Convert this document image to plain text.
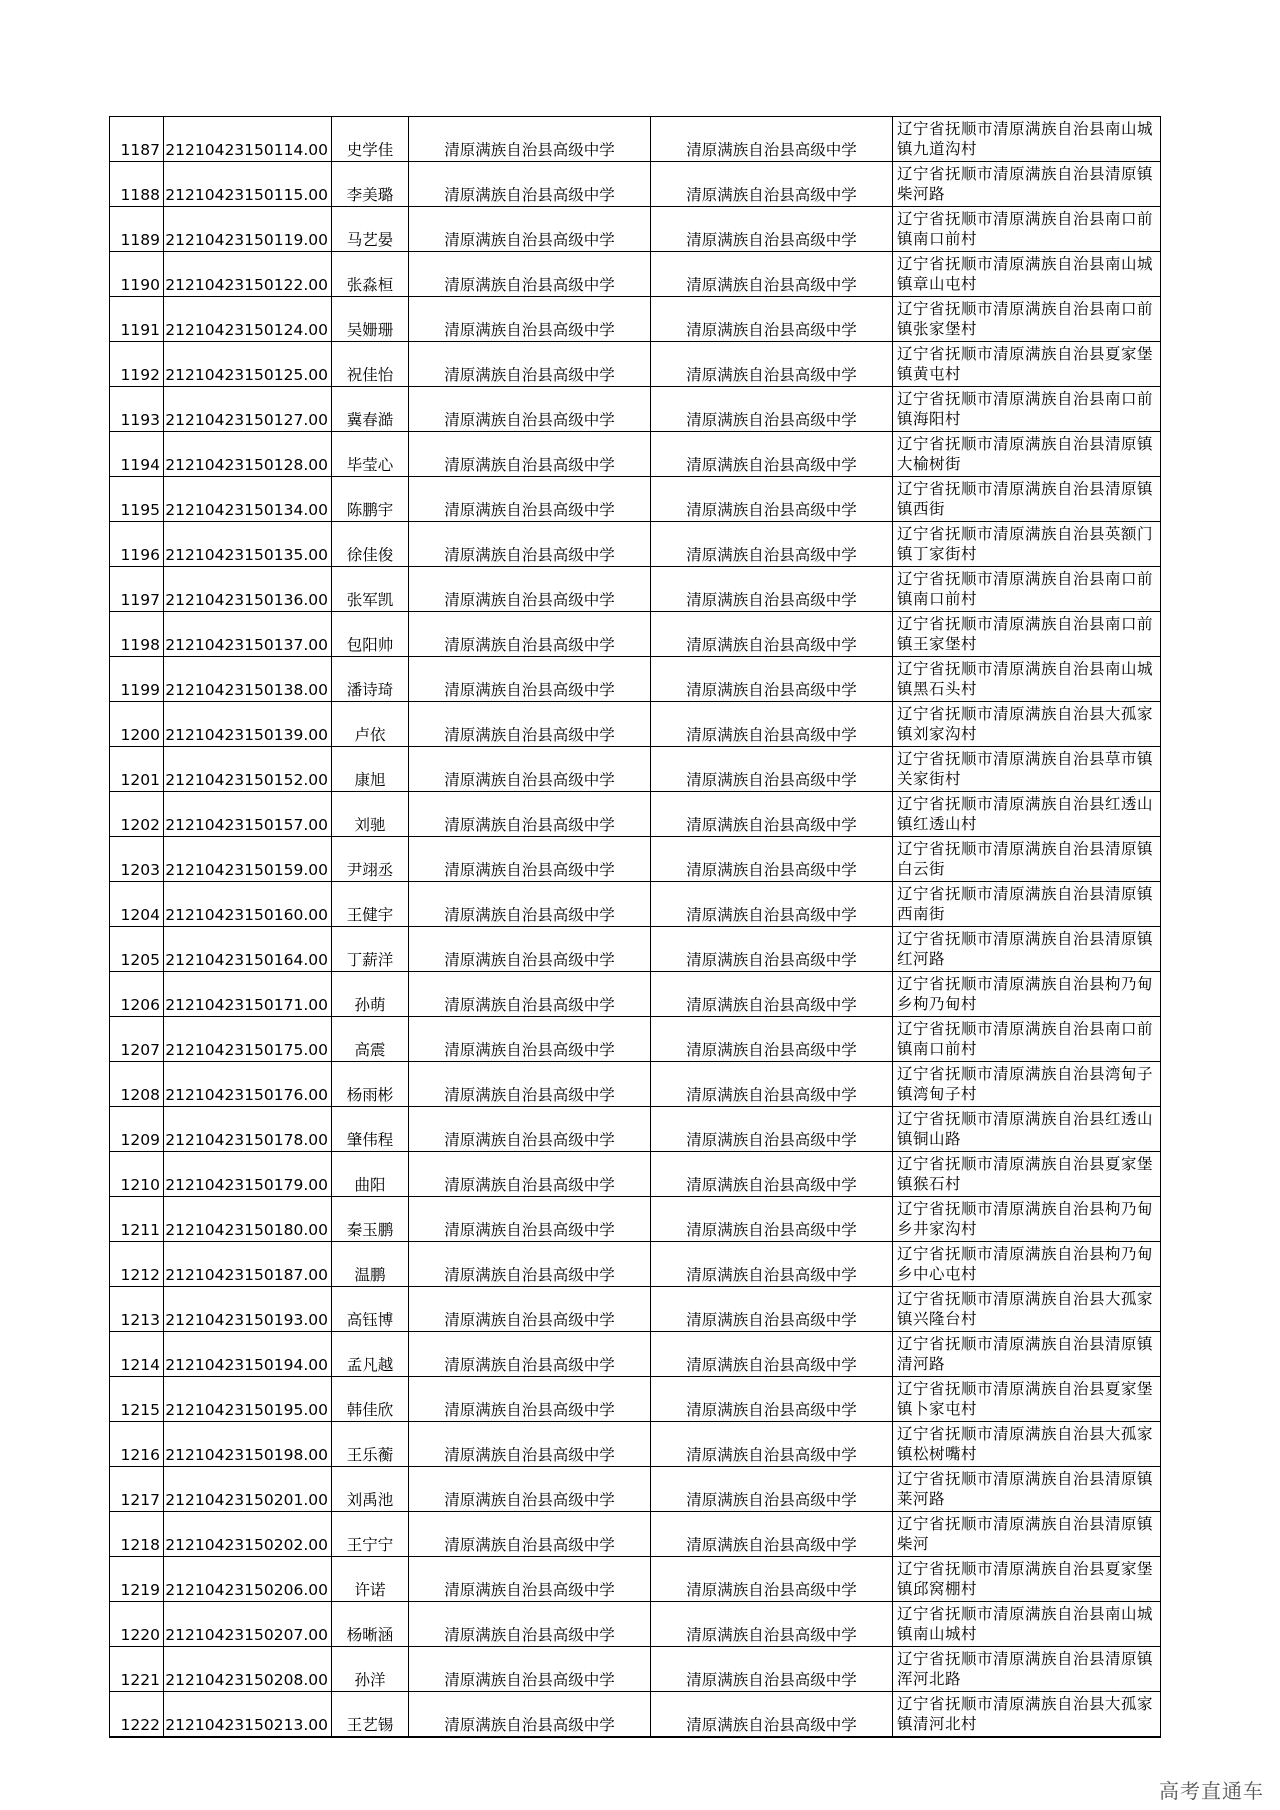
1187	21210423150114.00	史学佳	清原满族自治县高级中学	清原满族自治县高级中学	辽宁省抚顺市清原满族自治县南山城镇九道沟村
1188	21210423150115.00	李美璐	清原满族自治县高级中学	清原满族自治县高级中学	辽宁省抚顺市清原满族自治县清原镇柴河路
1189	21210423150119.00	马艺晏	清原满族自治县高级中学	清原满族自治县高级中学	辽宁省抚顺市清原满族自治县南口前镇南口前村
1190	21210423150122.00	张淼桓	清原满族自治县高级中学	清原满族自治县高级中学	辽宁省抚顺市清原满族自治县南山城镇章山屯村
1191	21210423150124.00	吴姗珊	清原满族自治县高级中学	清原满族自治县高级中学	辽宁省抚顺市清原满族自治县南口前镇张家堡村
1192	21210423150125.00	祝佳怡	清原满族自治县高级中学	清原满族自治县高级中学	辽宁省抚顺市清原满族自治县夏家堡镇黄屯村
1193	21210423150127.00	冀春澔	清原满族自治县高级中学	清原满族自治县高级中学	辽宁省抚顺市清原满族自治县南口前镇海阳村
1194	21210423150128.00	毕莹心	清原满族自治县高级中学	清原满族自治县高级中学	辽宁省抚顺市清原满族自治县清原镇大榆树街
1195	21210423150134.00	陈鹏宇	清原满族自治县高级中学	清原满族自治县高级中学	辽宁省抚顺市清原满族自治县清原镇镇西街
1196	21210423150135.00	徐佳俊	清原满族自治县高级中学	清原满族自治县高级中学	辽宁省抚顺市清原满族自治县英额门镇丁家街村
1197	21210423150136.00	张军凯	清原满族自治县高级中学	清原满族自治县高级中学	辽宁省抚顺市清原满族自治县南口前镇南口前村
1198	21210423150137.00	包阳帅	清原满族自治县高级中学	清原满族自治县高级中学	辽宁省抚顺市清原满族自治县南口前镇王家堡村
1199	21210423150138.00	潘诗琦	清原满族自治县高级中学	清原满族自治县高级中学	辽宁省抚顺市清原满族自治县南山城镇黑石头村
1200	21210423150139.00	卢依	清原满族自治县高级中学	清原满族自治县高级中学	辽宁省抚顺市清原满族自治县大孤家镇刘家沟村
1201	21210423150152.00	康旭	清原满族自治县高级中学	清原满族自治县高级中学	辽宁省抚顺市清原满族自治县草市镇关家街村
1202	21210423150157.00	刘驰	清原满族自治县高级中学	清原满族自治县高级中学	辽宁省抚顺市清原满族自治县红透山镇红透山村
1203	21210423150159.00	尹翊丞	清原满族自治县高级中学	清原满族自治县高级中学	辽宁省抚顺市清原满族自治县清原镇白云街
1204	21210423150160.00	王健宇	清原满族自治县高级中学	清原满族自治县高级中学	辽宁省抚顺市清原满族自治县清原镇西南街
1205	21210423150164.00	丁薪洋	清原满族自治县高级中学	清原满族自治县高级中学	辽宁省抚顺市清原满族自治县清原镇红河路
1206	21210423150171.00	孙萌	清原满族自治县高级中学	清原满族自治县高级中学	辽宁省抚顺市清原满族自治县枸乃甸乡枸乃甸村
1207	21210423150175.00	高震	清原满族自治县高级中学	清原满族自治县高级中学	辽宁省抚顺市清原满族自治县南口前镇南口前村
1208	21210423150176.00	杨雨彬	清原满族自治县高级中学	清原满族自治县高级中学	辽宁省抚顺市清原满族自治县湾甸子镇湾甸子村
1209	21210423150178.00	肇伟程	清原满族自治县高级中学	清原满族自治县高级中学	辽宁省抚顺市清原满族自治县红透山镇铜山路
1210	21210423150179.00	曲阳	清原满族自治县高级中学	清原满族自治县高级中学	辽宁省抚顺市清原满族自治县夏家堡镇猴石村
1211	21210423150180.00	秦玉鹏	清原满族自治县高级中学	清原满族自治县高级中学	辽宁省抚顺市清原满族自治县枸乃甸乡井家沟村
1212	21210423150187.00	温鹏	清原满族自治县高级中学	清原满族自治县高级中学	辽宁省抚顺市清原满族自治县枸乃甸乡中心屯村
1213	21210423150193.00	高钰博	清原满族自治县高级中学	清原满族自治县高级中学	辽宁省抚顺市清原满族自治县大孤家镇兴隆台村
1214	21210423150194.00	孟凡越	清原满族自治县高级中学	清原满族自治县高级中学	辽宁省抚顺市清原满族自治县清原镇清河路
1215	21210423150195.00	韩佳欣	清原满族自治县高级中学	清原满族自治县高级中学	辽宁省抚顺市清原满族自治县夏家堡镇卜家屯村
1216	21210423150198.00	王乐蘅	清原满族自治县高级中学	清原满族自治县高级中学	辽宁省抚顺市清原满族自治县大孤家镇松树嘴村
1217	21210423150201.00	刘禹池	清原满族自治县高级中学	清原满族自治县高级中学	辽宁省抚顺市清原满族自治县清原镇莱河路
1218	21210423150202.00	王宁宁	清原满族自治县高级中学	清原满族自治县高级中学	辽宁省抚顺市清原满族自治县清原镇柴河
1219	21210423150206.00	许诺	清原满族自治县高级中学	清原满族自治县高级中学	辽宁省抚顺市清原满族自治县夏家堡镇邱窝棚村
1220	21210423150207.00	杨晰涵	清原满族自治县高级中学	清原满族自治县高级中学	辽宁省抚顺市清原满族自治县南山城镇南山城村
1221	21210423150208.00	孙洋	清原满族自治县高级中学	清原满族自治县高级中学	辽宁省抚顺市清原满族自治县清原镇浑河北路
1222	21210423150213.00	王艺锡	清原满族自治县高级中学	清原满族自治县高级中学	辽宁省抚顺市清原满族自治县大孤家镇清河北村
高考直通车
